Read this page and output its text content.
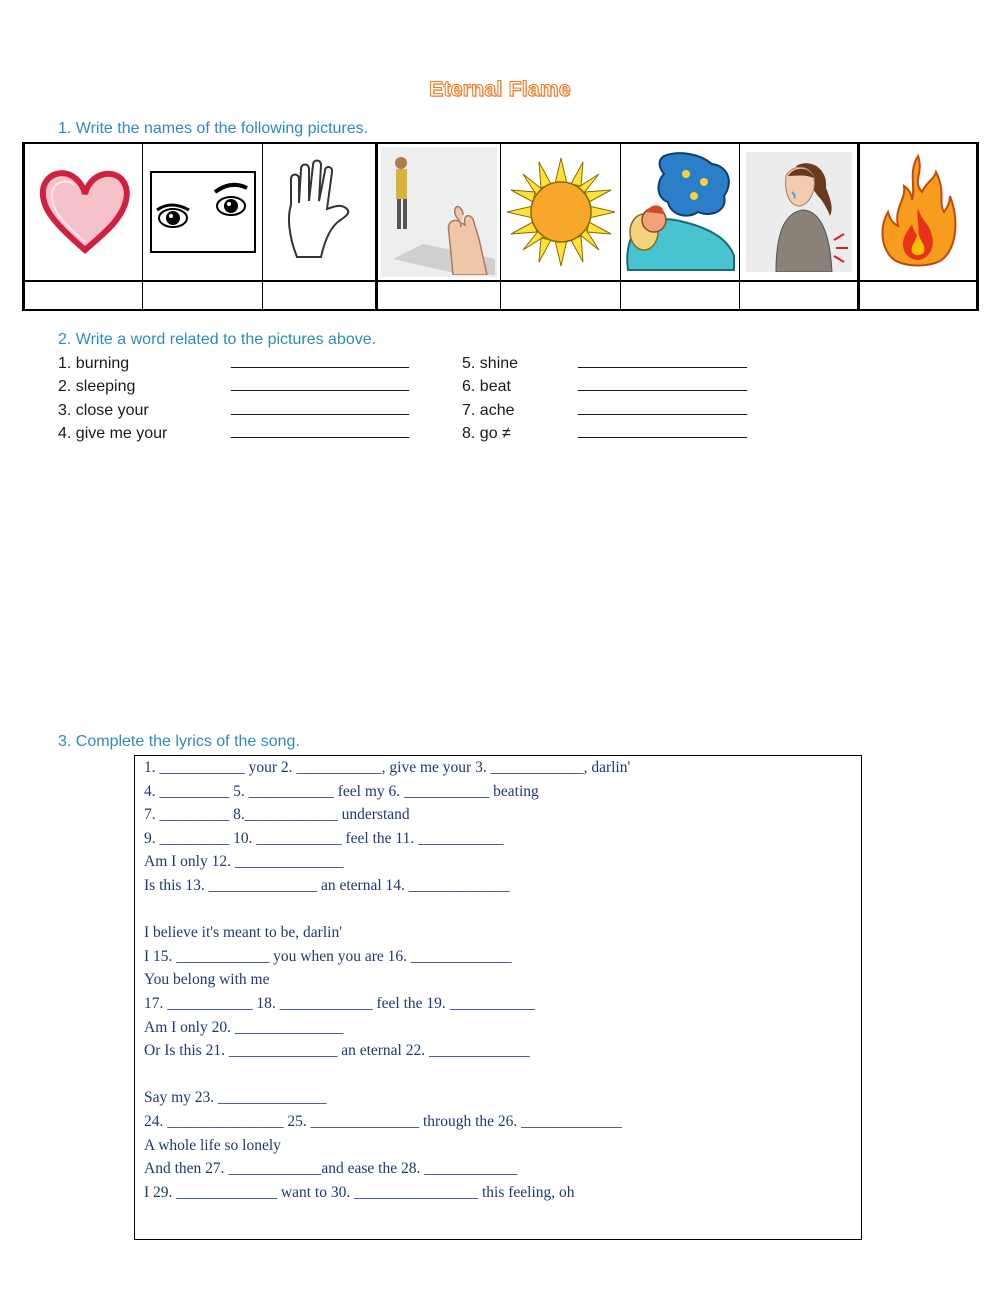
Eternal Flame
1. Write the names of the following pictures.
2. Write a word related to the pictures above.
1. burning	____________________
2. sleeping	____________________
3. close your	____________________
4. give me your	____________________
5. shine	___________________
6. beat	___________________
7. ache	___________________
8. go ≠	___________________
3. Complete the lyrics of the song.
1. ___________ your 2. ___________, give me your 3. ____________, darlin'
4. _________ 5. ___________ feel my 6. ___________ beating
7. _________ 8.____________ understand
9. _________ 10. ___________ feel the 11. ___________
Am I only 12. ______________
Is this 13. ______________ an eternal 14. _____________
I believe it's meant to be, darlin'
I 15. ____________ you when you are 16. _____________
You belong with me
17. ___________ 18. ____________ feel the 19. ___________
Am I only 20. ______________
Or Is this 21. ______________ an eternal 22. _____________
Say my 23. ______________
24. _______________ 25. ______________ through the 26. _____________
A whole life so lonely
And then 27. ____________and ease the 28. ____________
I 29. _____________ want to 30. ________________ this feeling, oh
